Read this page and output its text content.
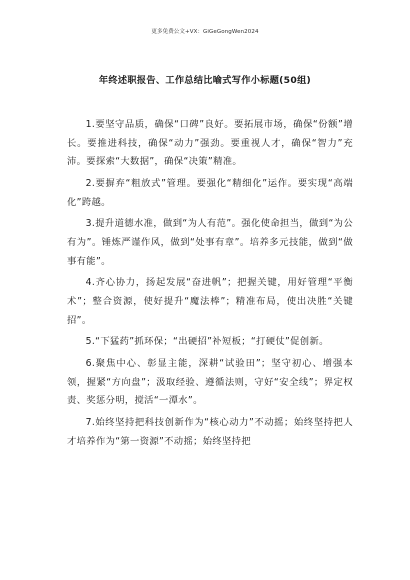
更多免费公文+VX：GiGeGongWen2024
年终述职报告、工作总结比喻式写作小标题(50组)

1.要坚守品质，确保“口碑”良好。要拓展市场，确保“份额”增长。要推进科技，确保“动力”强劲。要重视人才，确保“智力”充沛。要探索“大数据”，确保“决策”精准。

2.要摒弃“粗放式”管理。要强化“精细化”运作。要实现“高端化”跨越。

3.提升道德水准，做到“为人有范”。强化使命担当，做到“为公有为”。锤炼严谨作风，做到“处事有章”。培养多元技能，做到“做事有能”。

4.齐心协力，扬起发展“奋进帆”；把握关键，用好管理“平衡术”；整合资源，使好提升“魔法棒”；精准布局，使出决胜“关键招”。

5.“下猛药”抓环保；“出硬招”补短板；“打硬仗”促创新。

6.聚焦中心、彰显主能，深耕“试验田”；坚守初心、增强本领，握紧“方向盘”；汲取经验、遵循法则，守好“安全线”；界定权责、奖惩分明，搅活“一潭水”。

7.始终坚持把科技创新作为“核心动力”不动摇；始终坚持把人才培养作为“第一资源”不动摇；始终坚持把
